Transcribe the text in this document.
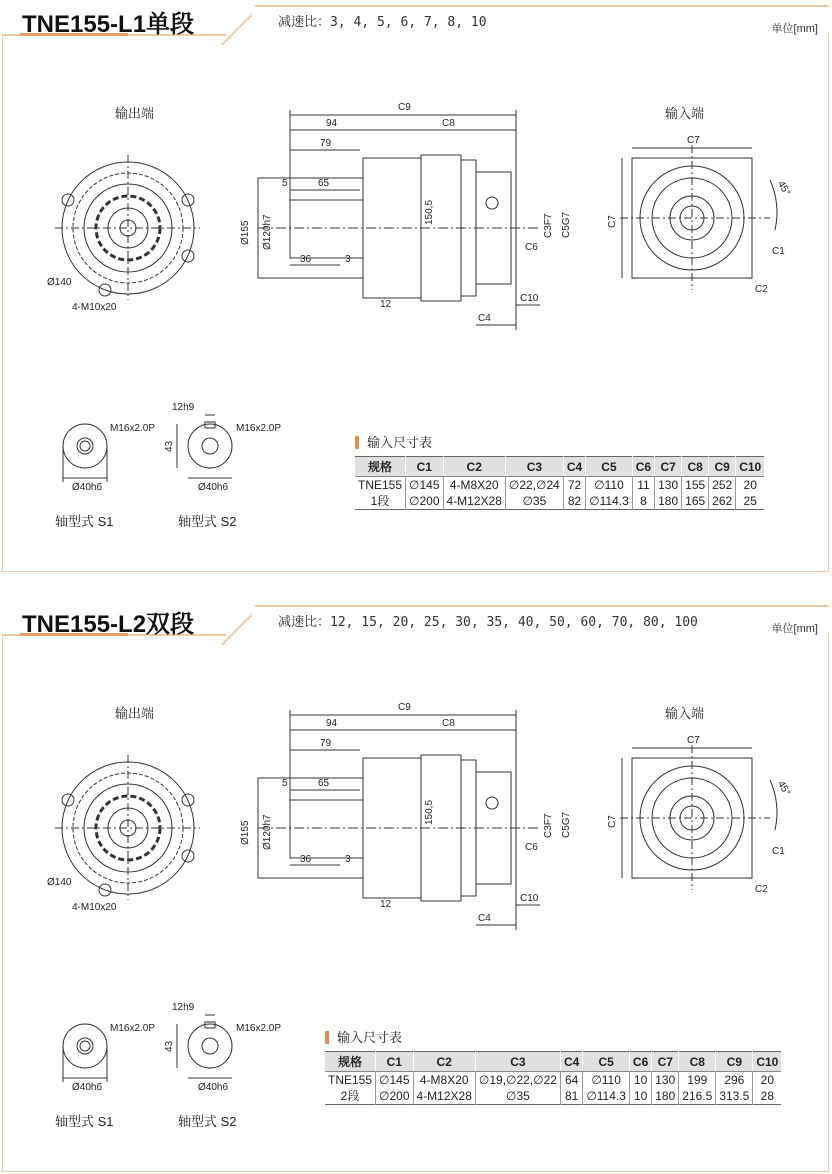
TNE155-L1单段	减速比：3, 4, 5, 6, 7, 8, 10	单位[mm]
输出端	输入端
Ø140
4-M10x20
C9
94	C8
79
5	65
Ø155 Ø120h7
150,5
36	3
12
C3F7 C5G7
C6
C10
C4
C7
C7
45°
C1
C2
M16x2.0P	M16x2.0P
43
12h9
Ø40h6	Ø40h6
轴型式 S1	轴型式 S2
输入尺寸表
规格	C1	C2	C3	C4	C5	C6	C7	C8	C9	C10
TNE155	∅145	4-M8X20	∅22,∅24	72	∅110	11	130	155	252	20
1段	∅200	4-M12X28	∅35	82	∅114.3	8	180	165	262	25
TNE155-L2双段	减速比：12, 15, 20, 25, 30, 35, 40, 50, 60, 70, 80, 100	单位[mm]
输出端	输入端
Ø140
4-M10x20
C9
94	C8
79
5	65
Ø155 Ø120h7
150,5
36	3
12
C3F7 C5G7
C6
C10
C4
C7
C7
45°
C1
C2
M16x2.0P	M16x2.0P
43
12h9
Ø40h6	Ø40h6
轴型式 S1	轴型式 S2
输入尺寸表
规格	C1	C2	C3	C4	C5	C6	C7	C8	C9	C10
TNE155	∅145	4-M8X20	∅19,∅22,∅22	64	∅110	10	130	199	296	20
2段	∅200	4-M12X28	∅35	81	∅114.3	10	180	216.5	313.5	28
